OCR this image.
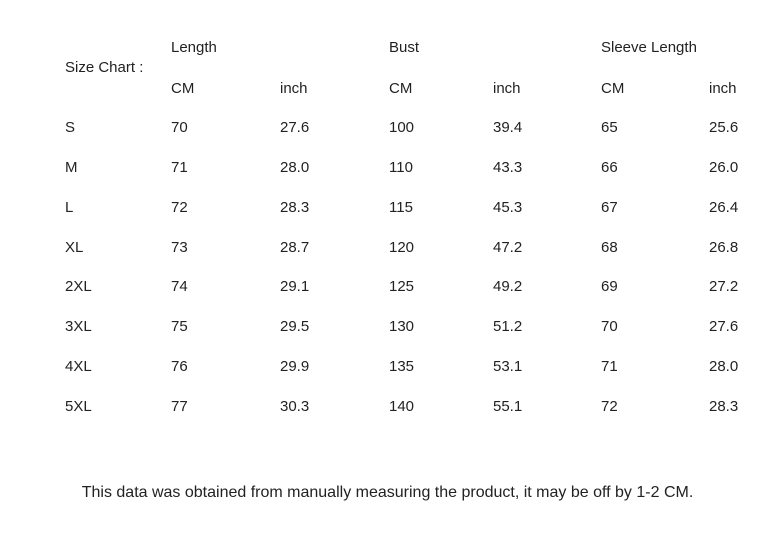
Size Chart :
Length	Bust	Sleeve Length
CM	inch	CM	inch	CM	inch
S	70	27.6	100	39.4	65	25.6
M	71	28.0	110	43.3	66	26.0
L	72	28.3	115	45.3	67	26.4
XL	73	28.7	120	47.2	68	26.8
2XL	74	29.1	125	49.2	69	27.2
3XL	75	29.5	130	51.2	70	27.6
4XL	76	29.9	135	53.1	71	28.0
5XL	77	30.3	140	55.1	72	28.3
This data was obtained from manually measuring the product, it may be off by 1-2 CM.
